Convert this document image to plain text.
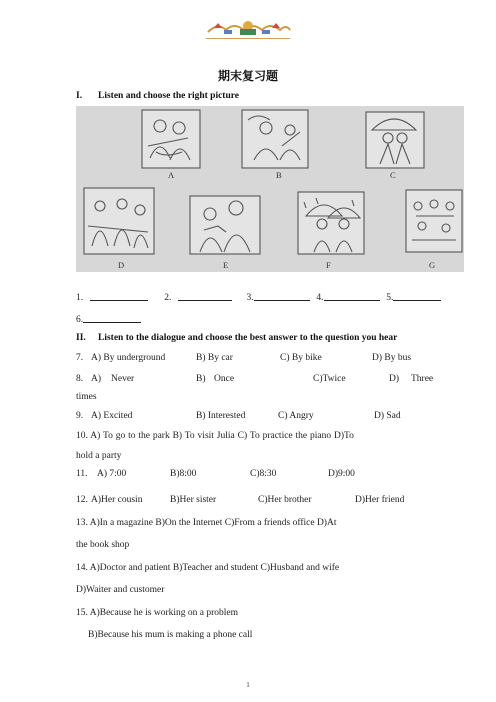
期末复习题
I. Listen and choose the right picture
A	B	C
D	E	F	G
1.	2.	3.	4.	5.
6.
II. Listen to the dialogue and choose the best answer to the question you hear
7. A) By underground	B) By car	C) By bike	D) By bus
8. A) Never	B) Once	C)Twice	D) Three
times
9. A) Excited	B) Interested	C) Angry	D) Sad
10. A) To go to the park B) To visit Julia C) To practice the piano D)To
hold a party
11. A) 7:00	B)8:00	C)8:30	D)9:00
12. A)Her cousin	B)Her sister	C)Her brother	D)Her friend
13. A)In a magazine B)On the Internet C)From a friends office D)At
the book shop
14. A)Doctor and patient B)Teacher and student C)Husband and wife
D)Waiter and customer
15. A)Because he is working on a problem
B)Because his mum is making a phone call
1
